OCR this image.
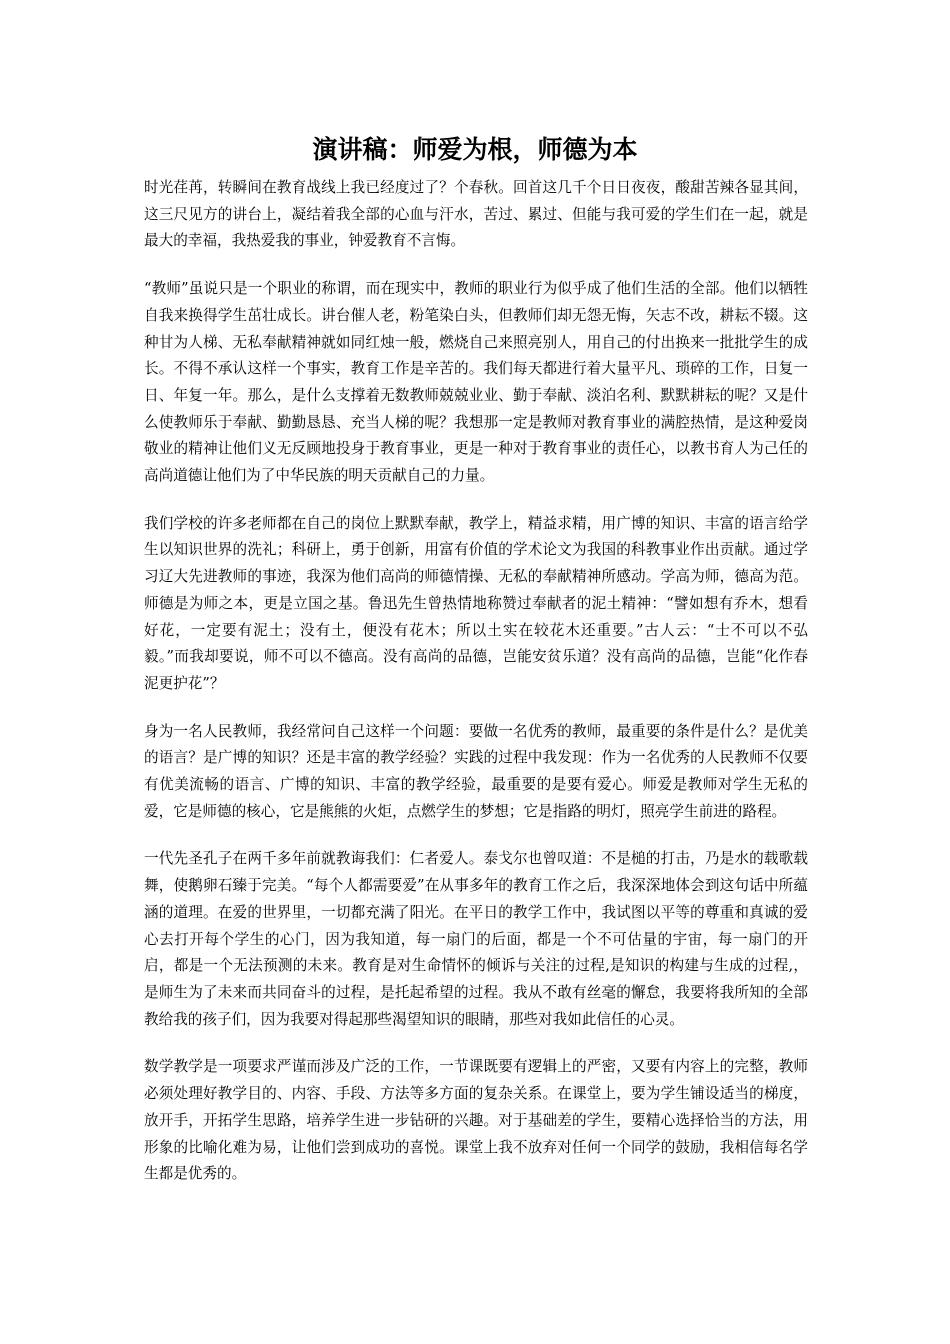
演讲稿：师爱为根，师德为本

时光荏苒，转瞬间在教育战线上我已经度过了？个春秋。回首这几千个日日夜夜，酸甜苦辣各显其间，这三尺见方的讲台上，凝结着我全部的心血与汗水，苦过、累过、但能与我可爱的学生们在一起，就是最大的幸福，我热爱我的事业，钟爱教育不言悔。

“教师”虽说只是一个职业的称谓，而在现实中，教师的职业行为似乎成了他们生活的全部。他们以牺牲自我来换得学生茁壮成长。讲台催人老，粉笔染白头，但教师们却无怨无悔，矢志不改，耕耘不辍。这种甘为人梯、无私奉献精神就如同红烛一般，燃烧自己来照亮别人，用自己的付出换来一批批学生的成长。不得不承认这样一个事实，教育工作是辛苦的。我们每天都进行着大量平凡、琐碎的工作，日复一日、年复一年。那么，是什么支撑着无数教师兢兢业业、勤于奉献、淡泊名利、默默耕耘的呢？又是什么使教师乐于奉献、勤勤恳恳、充当人梯的呢？我想那一定是教师对教育事业的满腔热情，是这种爱岗敬业的精神让他们义无反顾地投身于教育事业，更是一种对于教育事业的责任心，以教书育人为己任的高尚道德让他们为了中华民族的明天贡献自己的力量。

我们学校的许多老师都在自己的岗位上默默奉献，教学上，精益求精，用广博的知识、丰富的语言给学生以知识世界的洗礼；科研上，勇于创新，用富有价值的学术论文为我国的科教事业作出贡献。通过学习辽大先进教师的事迹，我深为他们高尚的师德情操、无私的奉献精神所感动。学高为师，德高为范。师德是为师之本，更是立国之基。鲁迅先生曾热情地称赞过奉献者的泥土精神：“譬如想有乔木，想看好花，一定要有泥土；没有土，便没有花木；所以土实在较花木还重要。”古人云：“士不可以不弘毅。”而我却要说，师不可以不德高。没有高尚的品德，岂能安贫乐道？没有高尚的品德，岂能“化作春泥更护花”？

身为一名人民教师，我经常问自己这样一个问题：要做一名优秀的教师，最重要的条件是什么？是优美的语言？是广博的知识？还是丰富的教学经验？实践的过程中我发现：作为一名优秀的人民教师不仅要有优美流畅的语言、广博的知识、丰富的教学经验，最重要的是要有爱心。师爱是教师对学生无私的爱，它是师德的核心，它是熊熊的火炬，点燃学生的梦想；它是指路的明灯，照亮学生前进的路程。

一代先圣孔子在两千多年前就教诲我们：仁者爱人。泰戈尔也曾叹道：不是槌的打击，乃是水的载歌载舞，使鹅卵石臻于完美。“每个人都需要爱”在从事多年的教育工作之后，我深深地体会到这句话中所蕴涵的道理。在爱的世界里，一切都充满了阳光。在平日的教学工作中，我试图以平等的尊重和真诚的爱心去打开每个学生的心门，因为我知道，每一扇门的后面，都是一个不可估量的宇宙，每一扇门的开启，都是一个无法预测的未来。教育是对生命情怀的倾诉与关注的过程,是知识的构建与生成的过程,，是师生为了未来而共同奋斗的过程，是托起希望的过程。我从不敢有丝毫的懈怠，我要将我所知的全部教给我的孩子们，因为我要对得起那些渴望知识的眼睛，那些对我如此信任的心灵。

数学教学是一项要求严谨而涉及广泛的工作，一节课既要有逻辑上的严密，又要有内容上的完整，教师必须处理好教学目的、内容、手段、方法等多方面的复杂关系。在课堂上，要为学生铺设适当的梯度，放开手，开拓学生思路，培养学生进一步钻研的兴趣。对于基础差的学生，要精心选择恰当的方法，用形象的比喻化难为易，让他们尝到成功的喜悦。课堂上我不放弃对任何一个同学的鼓励，我相信每名学生都是优秀的。
